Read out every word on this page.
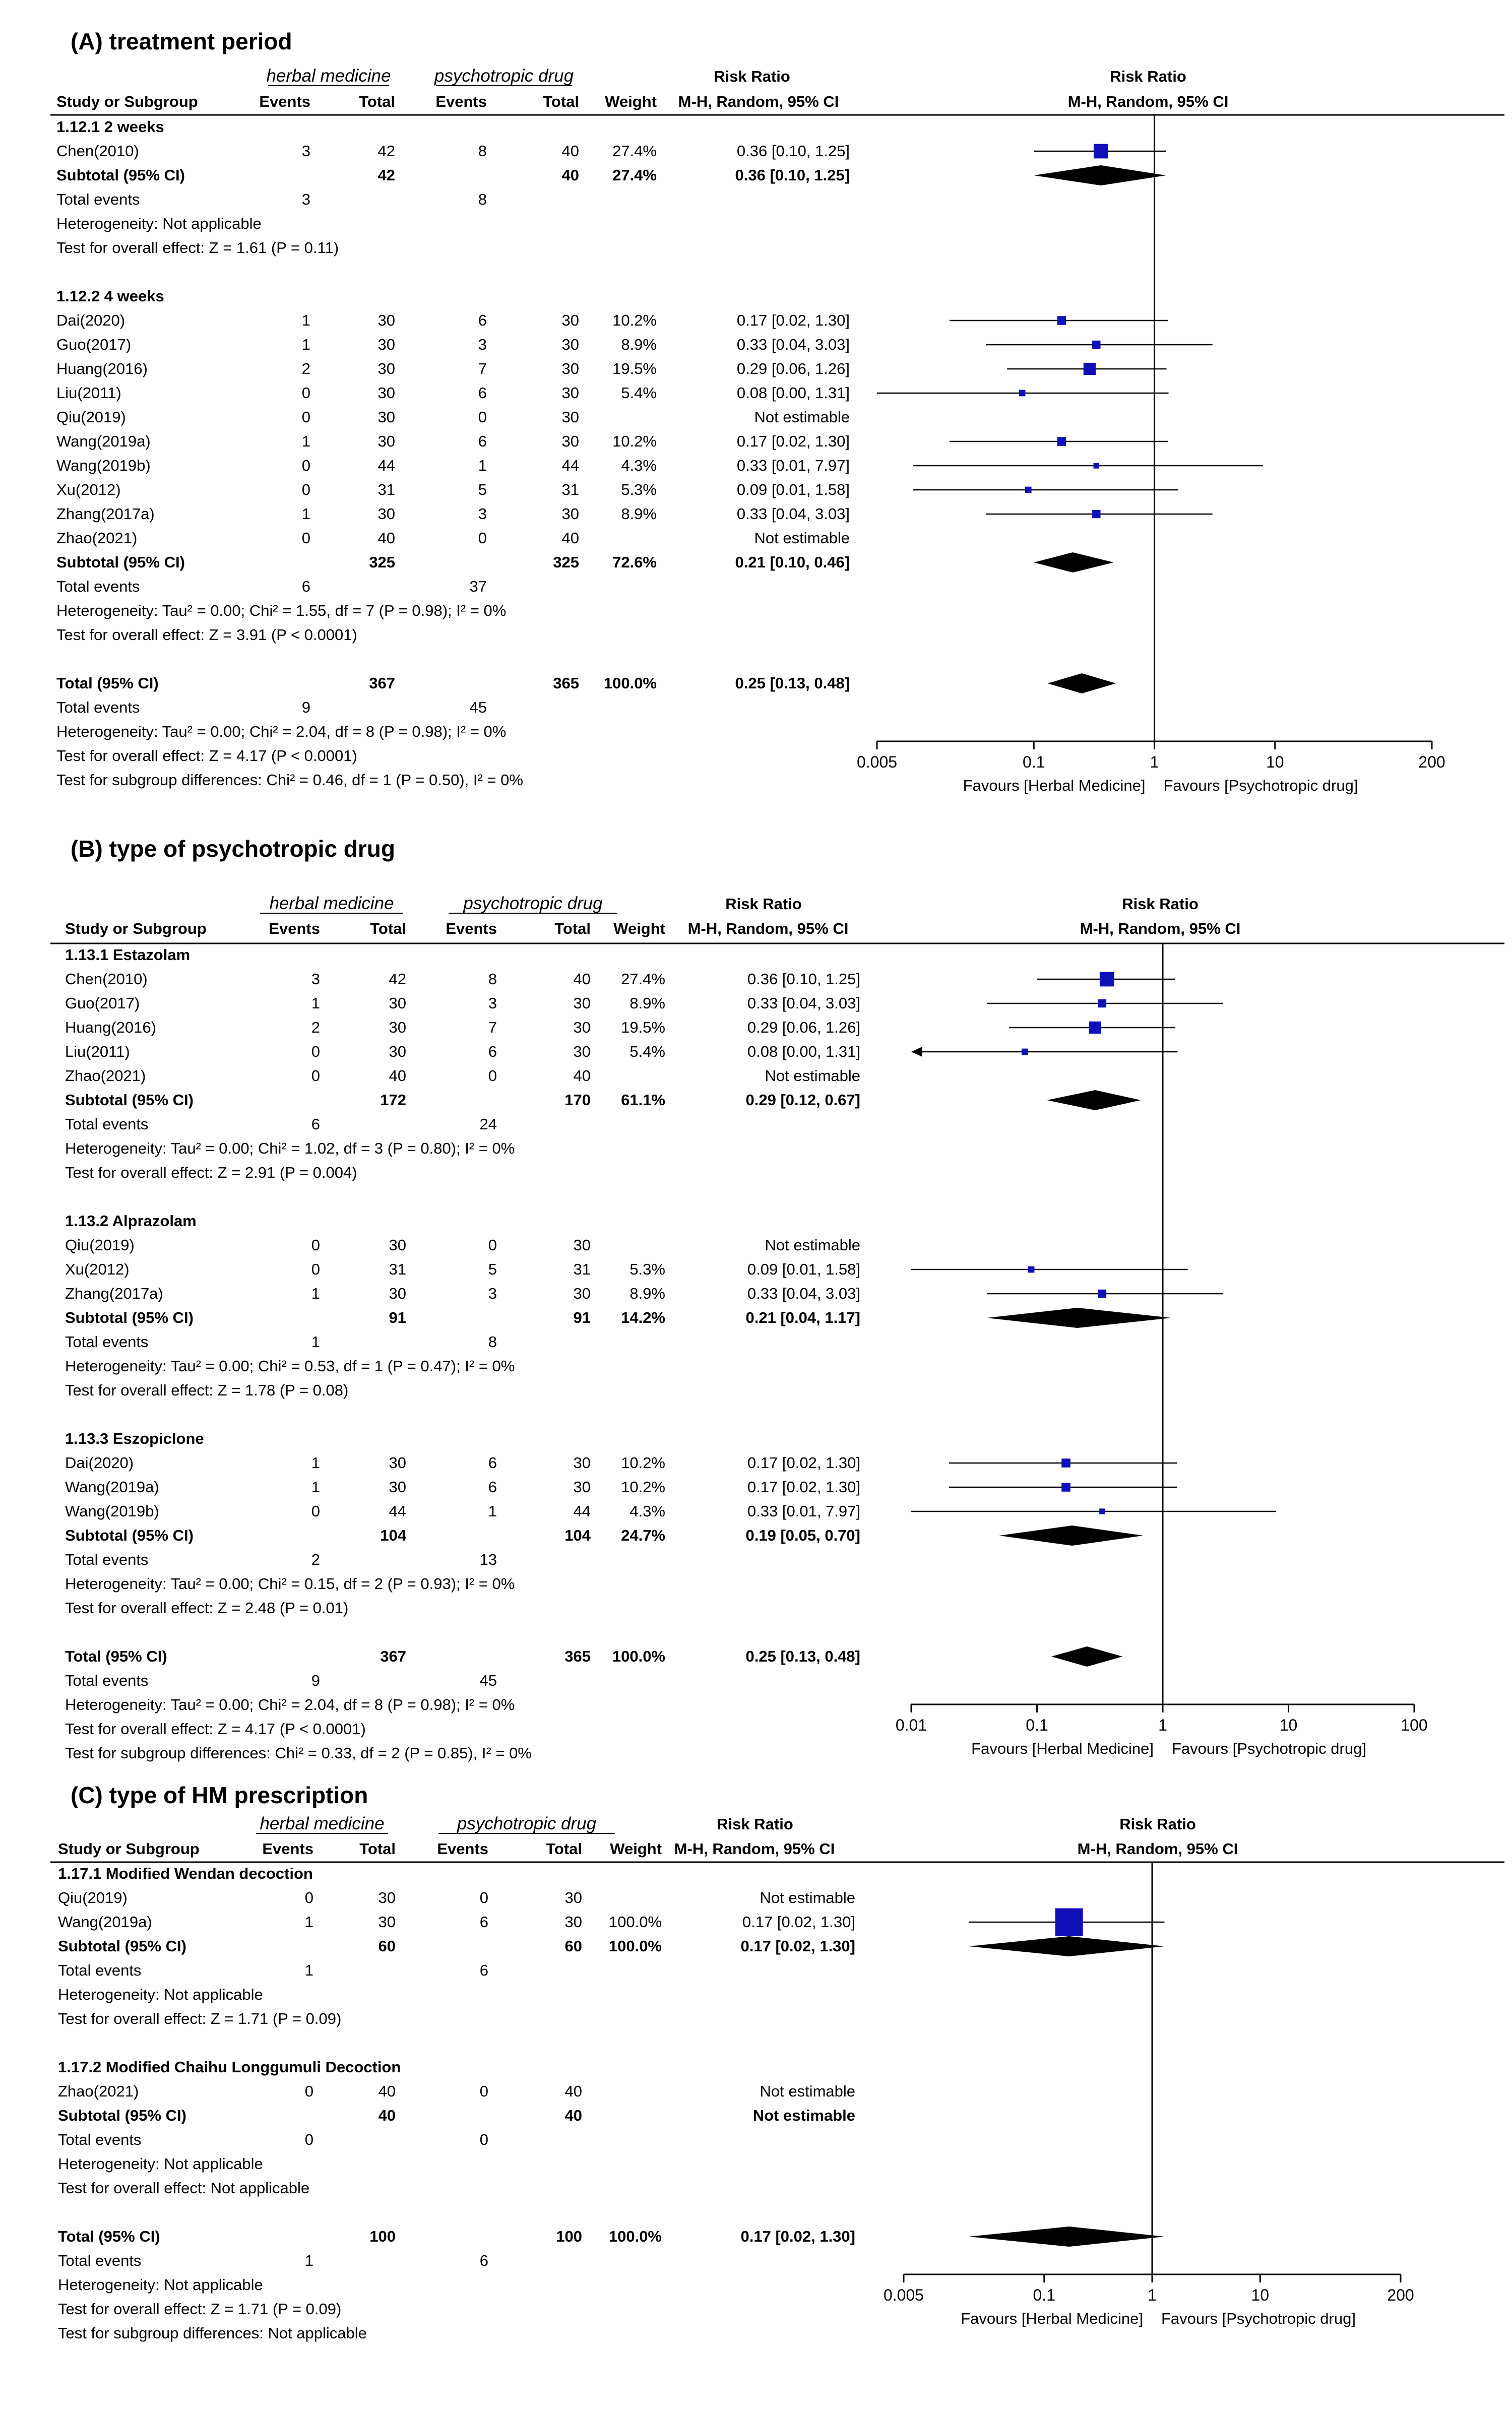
(A) treatment period
herbal medicine psychotropic drug	Risk Ratio	Risk Ratio
Study or Subgroup	Events	Total	Events	Total Weight M-H, Random, 95% CI	M-H, Random, 95% CI
1.12.1 2 weeks
Chen(2010)	3	42	8	40 27.4%	0.36 [0.10, 1.25]
Subtotal (95% CI)	42	40 27.4%	0.36 [0.10, 1.25]
Total events	3	8
Heterogeneity: Not applicable
Test for overall effect: Z = 1.61 (P = 0.11)
1.12.2 4 weeks
Dai(2020)	1	30	6	30 10.2%	0.17 [0.02, 1.30]
Guo(2017)	1	30	3	30	8.9%	0.33 [0.04, 3.03]
Huang(2016)	2	30	7	30 19.5%	0.29 [0.06, 1.26]
Liu(2011)	0	30	6	30	5.4%	0.08 [0.00, 1.31]
Qiu(2019)	0	30	0	30	Not estimable
Wang(2019a)	1	30	6	30 10.2%	0.17 [0.02, 1.30]
Wang(2019b)	0	44	1	44	4.3%	0.33 [0.01, 7.97]
Xu(2012)	0	31	5	31	5.3%	0.09 [0.01, 1.58]
Zhang(2017a)	1	30	3	30	8.9%	0.33 [0.04, 3.03]
Zhao(2021)	0	40	0	40	Not estimable
Subtotal (95% CI)	325	325 72.6%	0.21 [0.10, 0.46]
Total events	6	37
Heterogeneity: Tau² = 0.00; Chi² = 1.55, df = 7 (P = 0.98); I² = 0%
Test for overall effect: Z = 3.91 (P < 0.0001)
Total (95% CI)	367	365 100.0%	0.25 [0.13, 0.48]
Total events	9	45
Heterogeneity: Tau² = 0.00; Chi² = 2.04, df = 8 (P = 0.98); I² = 0%
Test for overall effect: Z = 4.17 (P < 0.0001)
Test for subgroup differences: Chi² = 0.46, df = 1 (P = 0.50), I² = 0%
0.005	0.1	1	10	200
Favours [Herbal Medicine] Favours [Psychotropic drug]
(B) type of psychotropic drug
herbal medicine	psychotropic drug	Risk Ratio	Risk Ratio
Study or Subgroup	Events	Total	Events	Total Weight M-H, Random, 95% CI	M-H, Random, 95% CI
1.13.1 Estazolam
Chen(2010)	3	42	8	40 27.4%	0.36 [0.10, 1.25]
Guo(2017)	1	30	3	30 8.9%	0.33 [0.04, 3.03]
Huang(2016)	2	30	7	30 19.5%	0.29 [0.06, 1.26]
Liu(2011)	0	30	6	30 5.4%	0.08 [0.00, 1.31]
Zhao(2021)	0	40	0	40	Not estimable
Subtotal (95% CI)	172	170 61.1%	0.29 [0.12, 0.67]
Total events	6	24
Heterogeneity: Tau² = 0.00; Chi² = 1.02, df = 3 (P = 0.80); I² = 0%
Test for overall effect: Z = 2.91 (P = 0.004)
1.13.2 Alprazolam
Qiu(2019)	0	30	0	30	Not estimable
Xu(2012)	0	31	5	31 5.3%	0.09 [0.01, 1.58]
Zhang(2017a)	1	30	3	30 8.9%	0.33 [0.04, 3.03]
Subtotal (95% CI)	91	91 14.2%	0.21 [0.04, 1.17]
Total events	1	8
Heterogeneity: Tau² = 0.00; Chi² = 0.53, df = 1 (P = 0.47); I² = 0%
Test for overall effect: Z = 1.78 (P = 0.08)
1.13.3 Eszopiclone
Dai(2020)	1	30	6	30 10.2%	0.17 [0.02, 1.30]
Wang(2019a)	1	30	6	30 10.2%	0.17 [0.02, 1.30]
Wang(2019b)	0	44	1	44 4.3%	0.33 [0.01, 7.97]
Subtotal (95% CI)	104	104 24.7%	0.19 [0.05, 0.70]
Total events	2	13
Heterogeneity: Tau² = 0.00; Chi² = 0.15, df = 2 (P = 0.93); I² = 0%
Test for overall effect: Z = 2.48 (P = 0.01)
Total (95% CI)	367	365 100.0%	0.25 [0.13, 0.48]
Total events	9	45
Heterogeneity: Tau² = 0.00; Chi² = 2.04, df = 8 (P = 0.98); I² = 0%
Test for overall effect: Z = 4.17 (P < 0.0001)
Test for subgroup differences: Chi² = 0.33, df = 2 (P = 0.85), I² = 0%
0.01	0.1	1	10	100
Favours [Herbal Medicine] Favours [Psychotropic drug]
(C) type of HM prescription
herbal medicine	psychotropic drug	Risk Ratio	Risk Ratio
Study or Subgroup	Events	Total	Events	Total Weight M-H, Random, 95% CI	M-H, Random, 95% CI
1.17.1 Modified Wendan decoction
Qiu(2019)	0	30	0	30	Not estimable
Wang(2019a)	1	30	6	30 100.0%	0.17 [0.02, 1.30]
Subtotal (95% CI)	60	60 100.0%	0.17 [0.02, 1.30]
Total events	1	6
Heterogeneity: Not applicable
Test for overall effect: Z = 1.71 (P = 0.09)
1.17.2 Modified Chaihu Longgumuli Decoction
Zhao(2021)	0	40	0	40	Not estimable
Subtotal (95% CI)	40	40	Not estimable
Total events	0	0
Heterogeneity: Not applicable
Test for overall effect: Not applicable
Total (95% CI)	100	100 100.0%	0.17 [0.02, 1.30]
Total events	1	6
Heterogeneity: Not applicable
Test for overall effect: Z = 1.71 (P = 0.09)
Test for subgroup differences: Not applicable
0.005	0.1	1	10	200
Favours [Herbal Medicine] Favours [Psychotropic drug]
